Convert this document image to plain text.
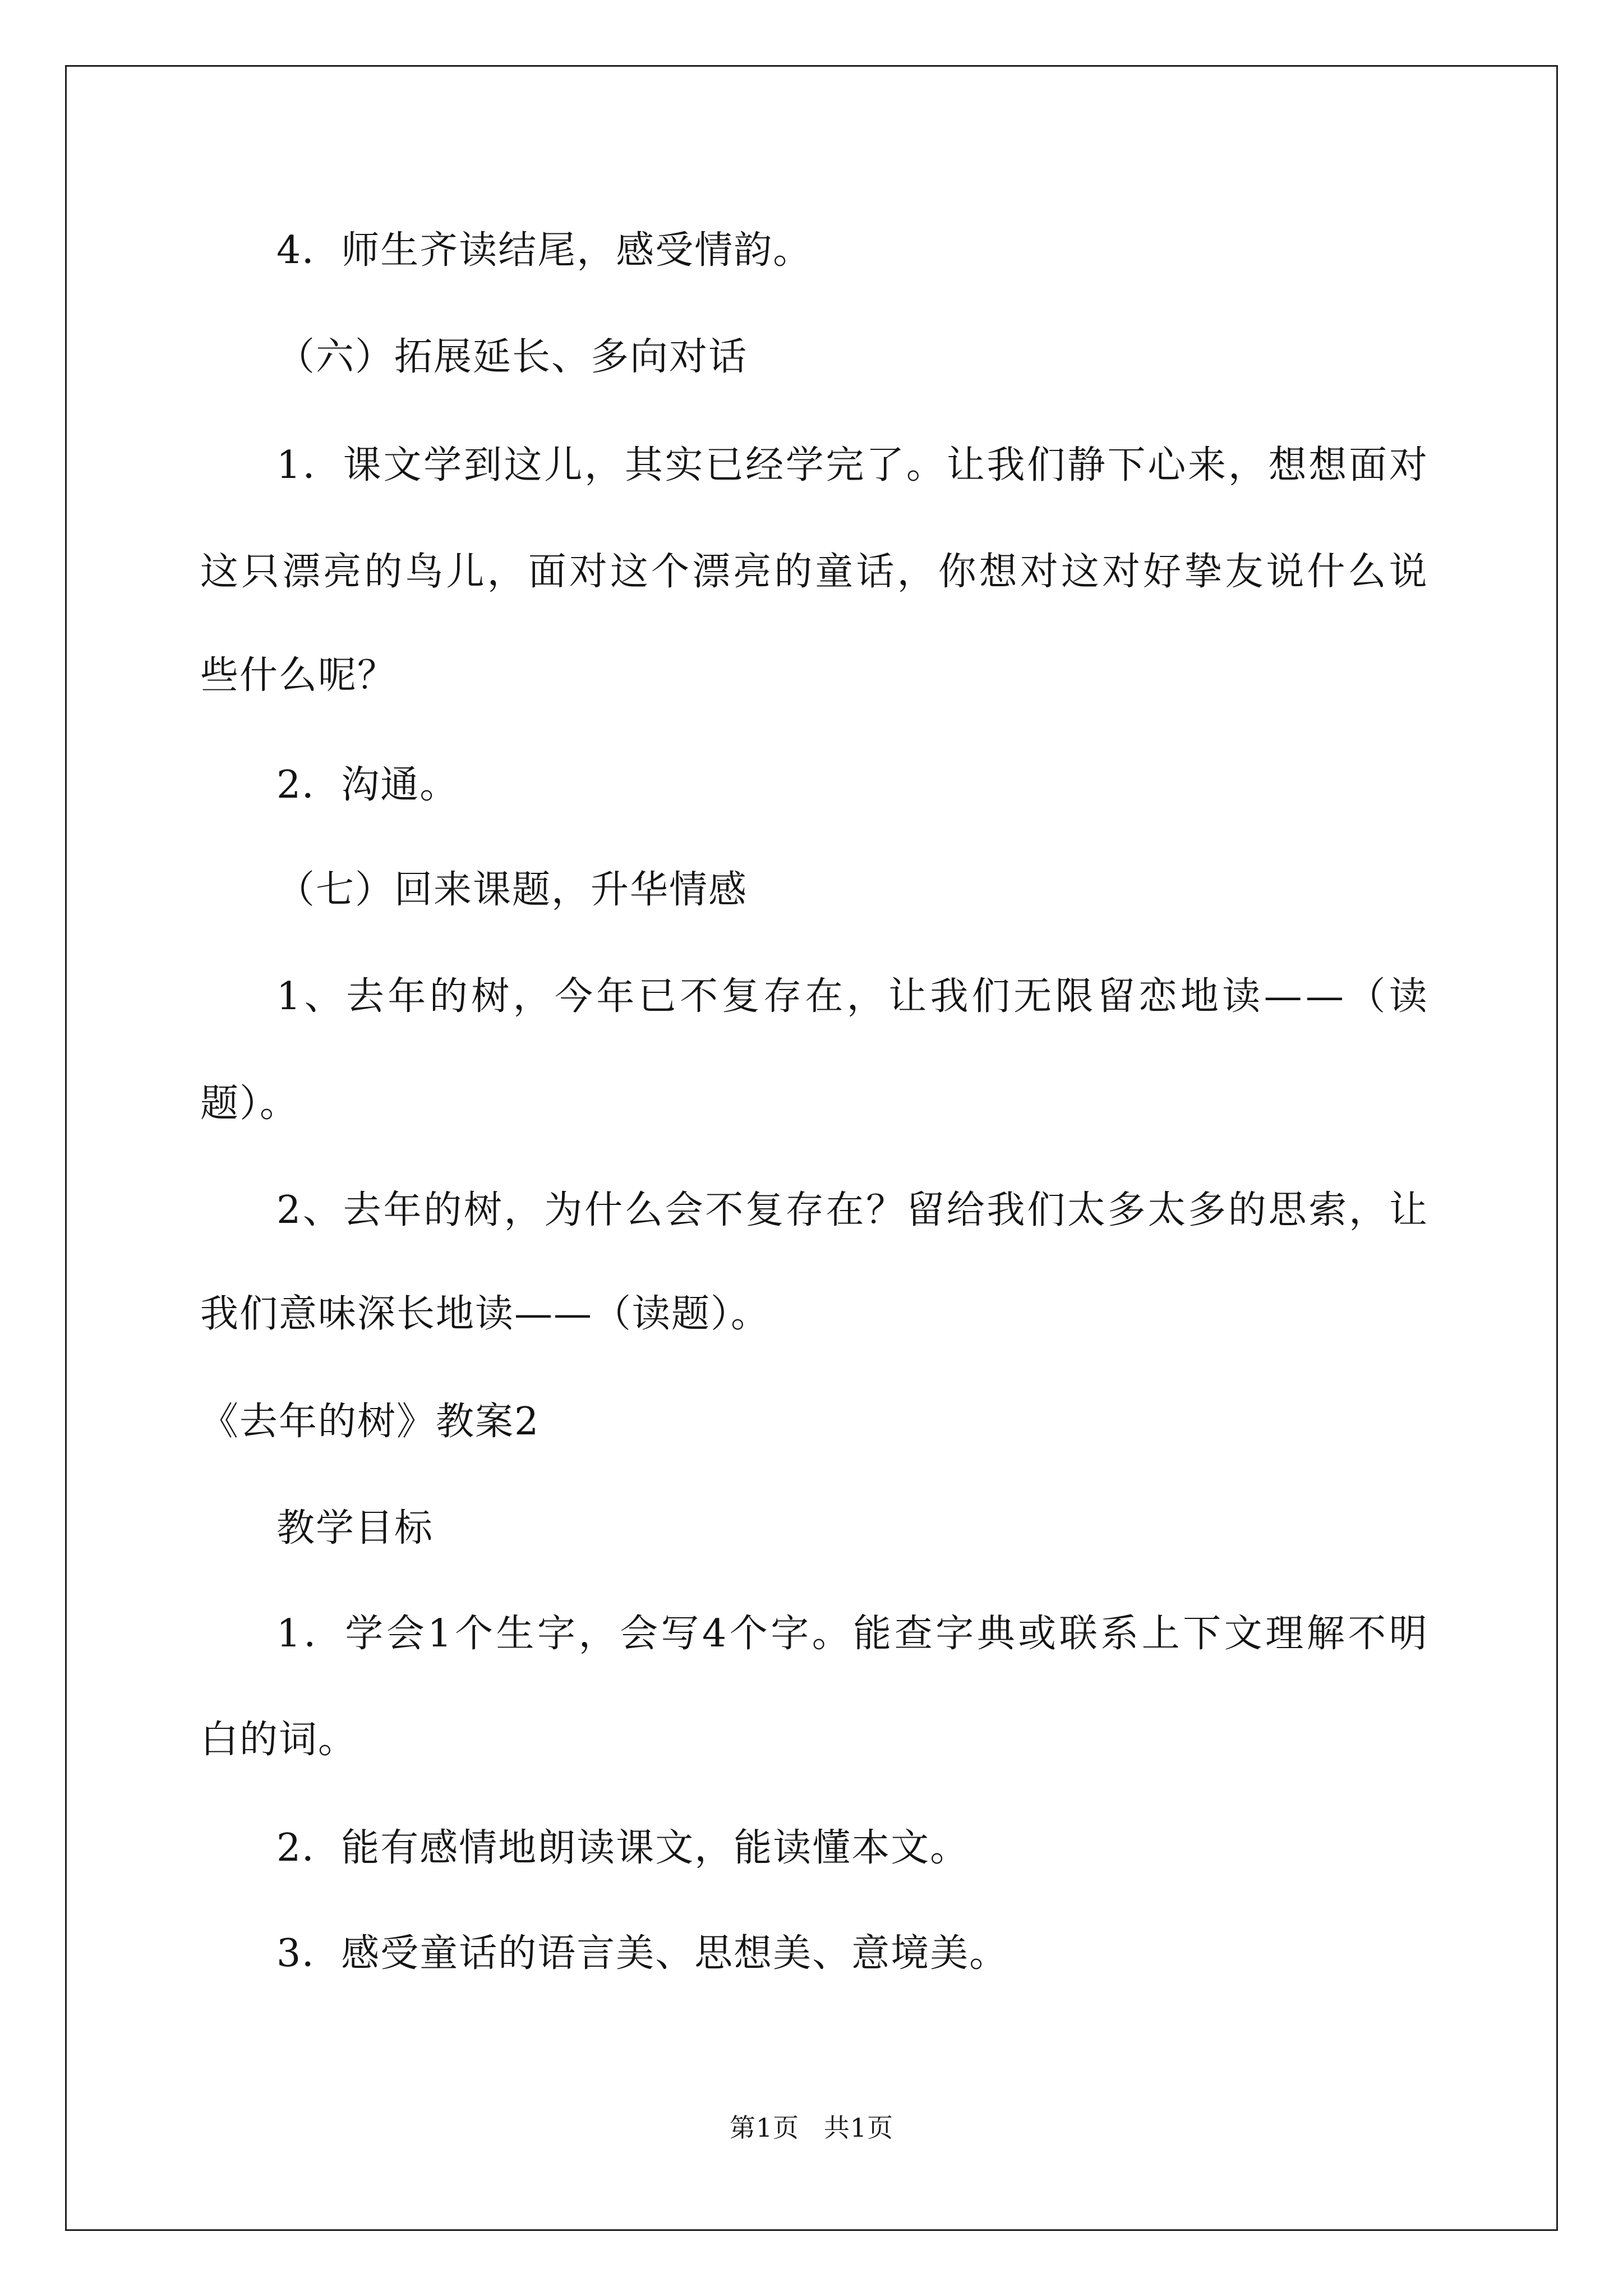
4．师生齐读结尾，感受情韵。
（六）拓展延长、多向对话
1 ． 课 文 学 到 这 儿 ， 其 实 已 经 学 完 了 。 让 我 们 静 下 心 来 ， 想 想 面 对
这 只 漂 亮 的 鸟 儿 ， 面 对 这 个 漂 亮 的 童 话 ， 你 想 对 这 对 好 挚 友 说 什 么 说
些什么呢？
2．沟通。
（七）回来课题，升华情感
1 、 去 年 的 树 ， 今 年 已 不 复 存 在 ， 让 我 们 无 限 留 恋 地 读 — — （ 读
题）。
2 、 去 年 的 树 ， 为 什 么 会 不 复 存 在 ？ 留 给 我 们 太 多 太 多 的 思 索 ， 让
我们意味深长地读——（读题）。
《去年的树》教案2
教学目标
1 ． 学 会 1 个 生 字 ， 会 写 4 个 字 。 能 查 字 典 或 联 系 上 下 文 理 解 不 明
白的词。
2．能有感情地朗读课文，能读懂本文。
3．感受童话的语言美、思想美、意境美。
第1页 共1页
